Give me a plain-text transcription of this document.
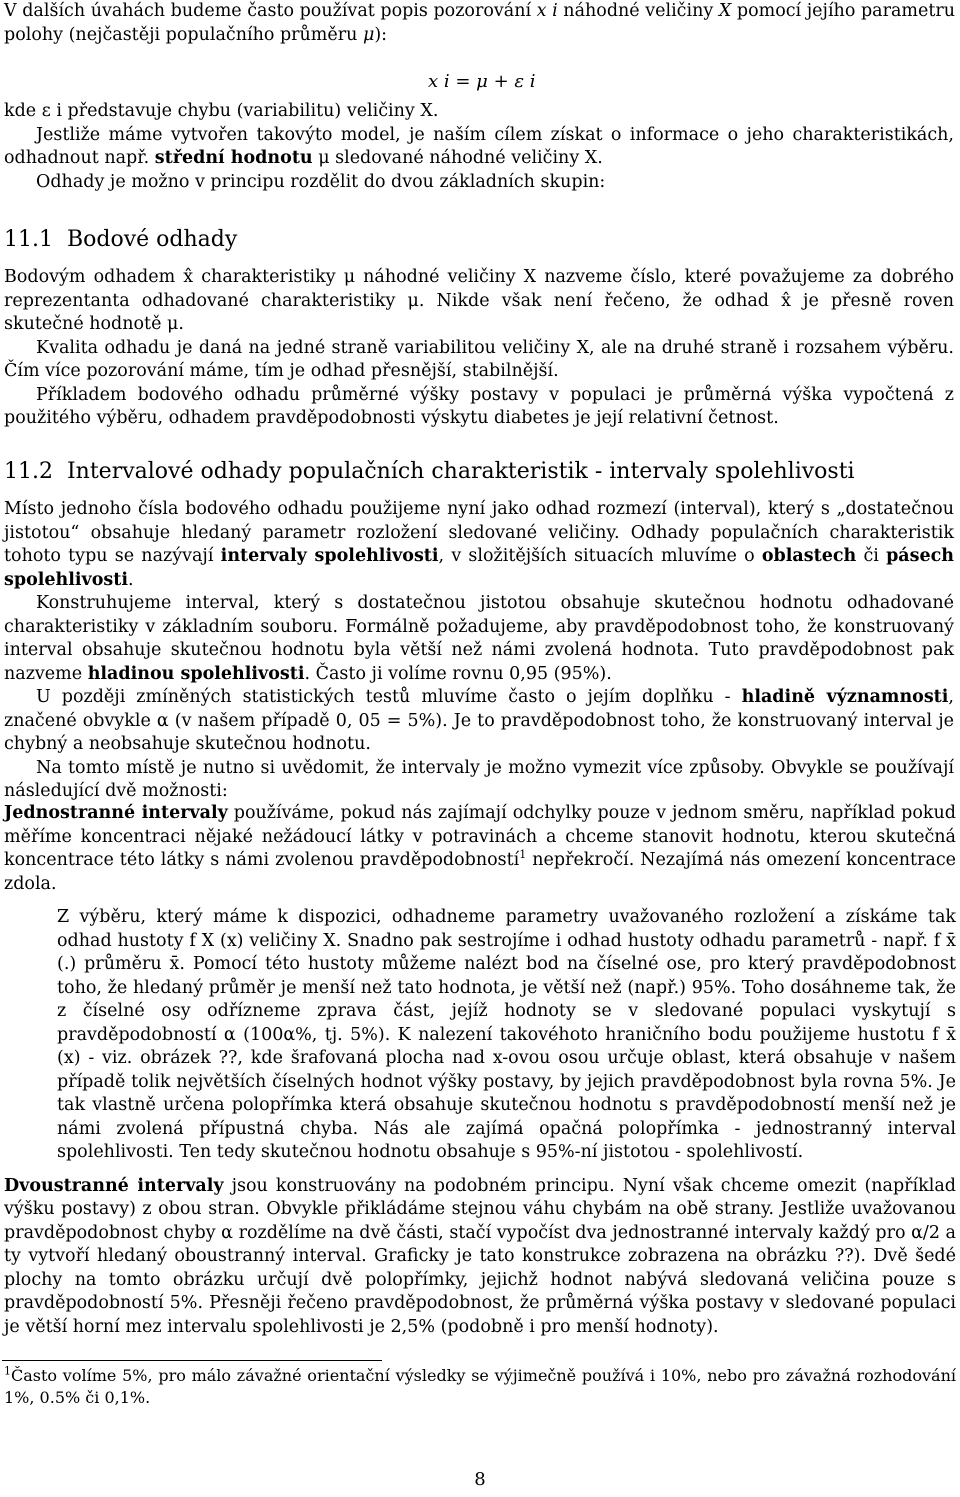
V dalších úvahách budeme často používat popis pozorování x i náhodné veličiny X pomocí jejího parametru polohy (nejčastěji populačního průměru μ):

x i = μ + ε i

kde ε i představuje chybu (variabilitu) veličiny X.

Jestliže máme vytvořen takovýto model, je naším cílem získat o informace o jeho charakteristikách, odhadnout např. střední hodnotu μ sledované náhodné veličiny X.

Odhady je možno v principu rozdělit do dvou základních skupin:

11.1 Bodové odhady

Bodovým odhadem x̂ charakteristiky μ náhodné veličiny X nazveme číslo, které považujeme za dobrého reprezentanta odhadované charakteristiky μ. Nikde však není řečeno, že odhad x̂ je přesně roven skutečné hodnotě μ.

Kvalita odhadu je daná na jedné straně variabilitou veličiny X, ale na druhé straně i rozsahem výběru. Čím více pozorování máme, tím je odhad přesnější, stabilnější.

Příkladem bodového odhadu průměrné výšky postavy v populaci je průměrná výška vypočtená z použitého výběru, odhadem pravděpodobnosti výskytu diabetes je její relativní četnost.

11.2 Intervalové odhady populačních charakteristik - intervaly spolehlivosti

Místo jednoho čísla bodového odhadu použijeme nyní jako odhad rozmezí (interval), který s „dostatečnou jistotou“ obsahuje hledaný parametr rozložení sledované veličiny. Odhady populačních charakteristik tohoto typu se nazývají intervaly spolehlivosti, v složitějších situacích mluvíme o oblastech či pásech spolehlivosti.

Konstruhujeme interval, který s dostatečnou jistotou obsahuje skutečnou hodnotu odhadované charakteristiky v základním souboru. Formálně požadujeme, aby pravděpodobnost toho, že konstruovaný interval obsahuje skutečnou hodnotu byla větší než námi zvolená hodnota. Tuto pravděpodobnost pak nazveme hladinou spolehlivosti. Často ji volíme rovnu 0,95 (95%).

U později zmíněných statistických testů mluvíme často o jejím doplňku - hladině významnosti, značené obvykle α (v našem případě 0, 05 = 5%). Je to pravděpodobnost toho, že konstruovaný interval je chybný a neobsahuje skutečnou hodnotu.

Na tomto místě je nutno si uvědomit, že intervaly je možno vymezit více způsoby. Obvykle se používají následující dvě možnosti:

Jednostranné intervaly používáme, pokud nás zajímají odchylky pouze v jednom směru, například pokud měříme koncentraci nějaké nežádoucí látky v potravinách a chceme stanovit hodnotu, kterou skutečná koncentrace této látky s námi zvolenou pravděpodobností$^1$ nepřekročí. Nezajímá nás omezení koncentrace zdola.
Z výběru, který máme k dispozici, odhadneme parametry uvažovaného rozložení a získáme tak odhad hustoty f X (x) veličiny X. Snadno pak sestrojíme i odhad hustoty odhadu parametrů - např. f x̄ (.) průměru x̄. Pomocí této hustoty můžeme nalézt bod na číselné ose, pro který pravděpodobnost toho, že hledaný průměr je menší než tato hodnota, je větší než (např.) 95%. Toho dosáhneme tak, že z číselné osy odřízneme zprava část, jejíž hodnoty se v sledované populaci vyskytují s pravděpodobností α (100α%, tj. 5%). K nalezení takovéhoto hraničního bodu použijeme hustotu f x̄ (x) - viz. obrázek ??, kde šrafovaná plocha nad x-ovou osou určuje oblast, která obsahuje v našem případě tolik největších číselných hodnot výšky postavy, by jejich pravděpodobnost byla rovna 5%. Je tak vlastně určena polopřímka která obsahuje skutečnou hodnotu s pravděpodobností menší než je námi zvolená přípustná chyba. Nás ale zajímá opačná polopřímka - jednostranný interval spolehlivosti. Ten tedy skutečnou hodnotu obsahuje s 95%-ní jistotou - spolehlivostí.
Dvoustranné intervaly jsou konstruovány na podobném principu. Nyní však chceme omezit (například výšku postavy) z obou stran. Obvykle přikládáme stejnou váhu chybám na obě strany. Jestliže uvažovanou pravděpodobnost chyby α rozdělíme na dvě části, stačí vypočíst dva jednostranné intervaly každý pro α/2 a ty vytvoří hledaný oboustranný interval. Graficky je tato konstrukce zobrazena na obrázku ??). Dvě šedé plochy na tomto obrázku určují dvě polopřímky, jejichž hodnot nabývá sledovaná veličina pouze s pravděpodobností 5%. Přesněji řečeno pravděpodobnost, že průměrná výška postavy v sledované populaci je větší horní mez intervalu spolehlivosti je 2,5% (podobně i pro menší hodnoty).
$^1$Často volíme 5%, pro málo závažné orientační výsledky se výjimečně používá i 10%, nebo pro závažná rozhodování 1%, 0.5% či 0,1%.
8
